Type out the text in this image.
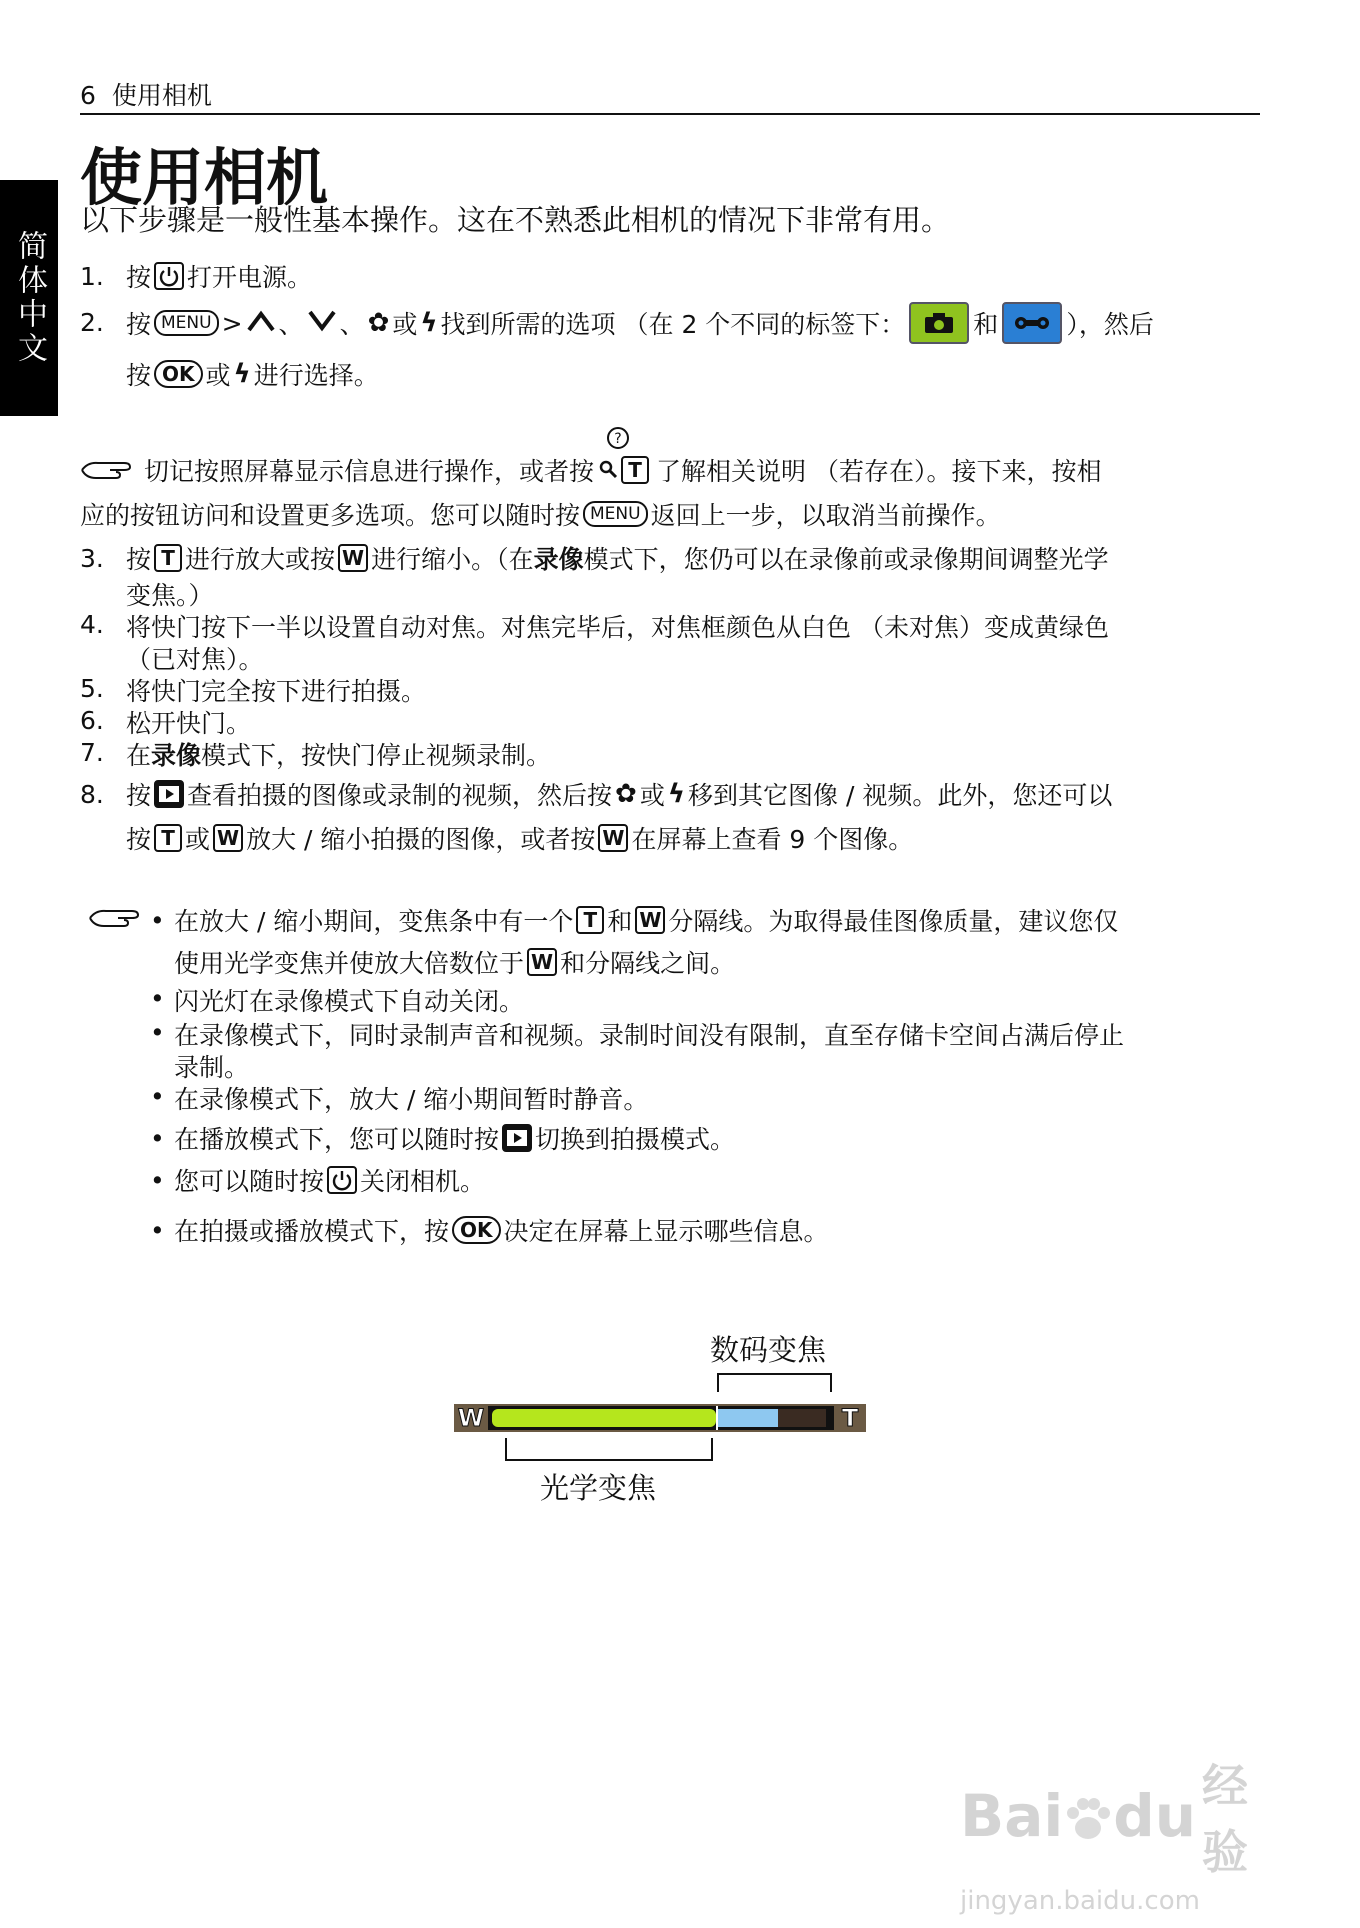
6 使用相机
简体中文
使用相机
以下步骤是一般性基本操作。这在不熟悉此相机的情况下非常有用。
1. 按 打开电源。
2. 按 MENU > 、 、 ✿ 或 ϟ 找到所需的选项 （在 2 个不同的标签下：	和	），然后
按 OK 或 ϟ 进行选择。
切记按照屏幕显示信息进行操作，或者按
?
T 了解相关说明 （若存在）。接下来，按相
应的按钮访问和设置更多选项。您可以随时按 MENU 返回上一步，以取消当前操作。
3. 按 T 进行放大或按 W 进行缩小。（在 录像 模式下，您仍可以在录像前或录像期间调整光学
变焦。）
4. 将快门按下一半以设置自动对焦。对焦完毕后，对焦框颜色从白色 （未对焦）变成黄绿色
（已对焦）。
5. 将快门完全按下进行拍摄。
6. 松开快门。
7. 在 录像 模式下，按快门停止视频录制。
8. 按 查看拍摄的图像或录制的视频，然后按 ✿ 或 ϟ 移到其它图像 / 视频。此外，您还可以
按 T 或 W 放大 / 缩小拍摄的图像，或者按 W 在屏幕上查看 9 个图像。
• 在放大 / 缩小期间，变焦条中有一个 T 和 W 分隔线。为取得最佳图像质量，建议您仅
使用光学变焦并使放大倍数位于 W 和分隔线之间。
• 闪光灯在录像模式下自动关闭。
• 在录像模式下，同时录制声音和视频。录制时间没有限制，直至存储卡空间占满后停止
录制。
• 在录像模式下，放大 / 缩小期间暂时静音。
• 在播放模式下，您可以随时按 切换到拍摄模式。
• 您可以随时按 关闭相机。
• 在拍摄或播放模式下，按 OK 决定在屏幕上显示哪些信息。
数码变焦
W	T
光学变焦
Bai du 经验
jingyan.baidu.com
